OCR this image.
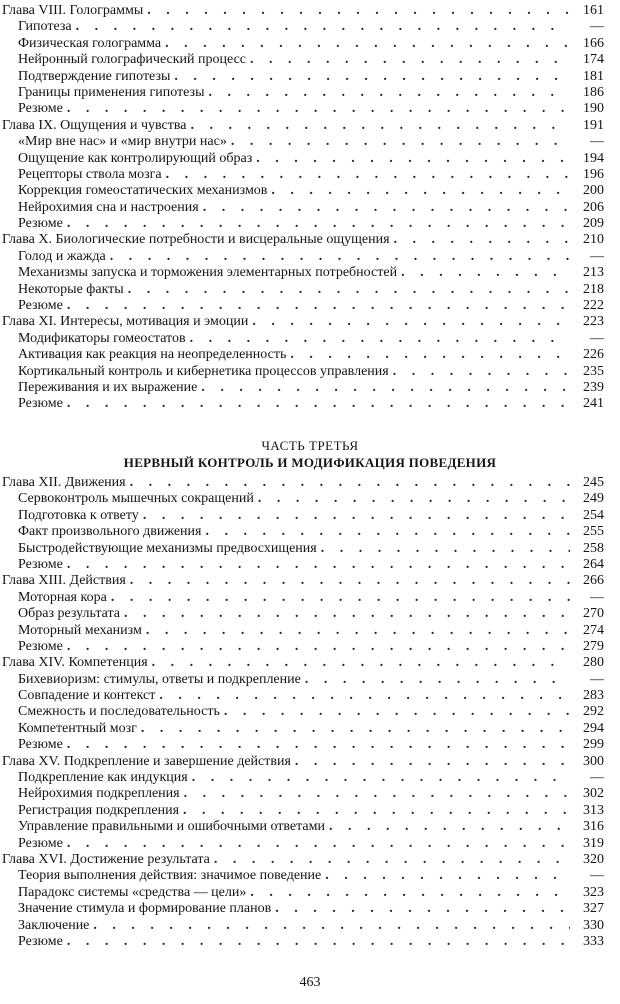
Глава VIII. Голограммы . . .	161
Гипотеза . . .	—
Физическая голограмма . . .	166
Нейронный голографический процесс . . .	174
Подтверждение гипотезы . . .	181
Границы применения гипотезы . . .	186
Резюме . . .	190
Глава IX. Ощущения и чувства . . .	191
«Мир вне нас» и «мир внутри нас» . . .	—
Ощущение как контролирующий образ . . .	194
Рецепторы ствола мозга . . .	196
Коррекция гомеостатических механизмов . . .	200
Нейрохимия сна и настроения . . .	206
Резюме . . .	209
Глава X. Биологические потребности и висцеральные ощущения . . .	210
Голод и жажда . . .	—
Механизмы запуска и торможения элементарных потребностей . . .	213
Некоторые факты . . .	218
Резюме . . .	222
Глава XI. Интересы, мотивация и эмоции . . .	223
Модификаторы гомеостатов . . .	—
Активация как реакция на неопределенность . . .	226
Кортикальный контроль и кибернетика процессов управления . . .	235
Переживания и их выражение . . .	239
Резюме . . .	241
ЧАСТЬ ТРЕТЬЯ
НЕРВНЫЙ КОНТРОЛЬ И МОДИФИКАЦИЯ ПОВЕДЕНИЯ
Глава XII. Движения . . .	245
Сервоконтроль мышечных сокращений . . .	249
Подготовка к ответу . . .	254
Факт произвольного движения . . .	255
Быстродействующие механизмы предвосхищения . . .	258
Резюме . . .	264
Глава XIII. Действия . . .	266
Моторная кора . . .	—
Образ результата . . .	270
Моторный механизм . . .	274
Резюме . . .	279
Глава XIV. Компетенция . . .	280
Бихевиоризм: стимулы, ответы и подкрепление . . .	—
Совпадение и контекст . . .	283
Смежность и последовательность . . .	292
Компетентный мозг . . .	294
Резюме . . .	299
Глава XV. Подкрепление и завершение действия . . .	300
Подкрепление как индукция . . .	—
Нейрохимия подкрепления . . .	302
Регистрация подкрепления . . .	313
Управление правильными и ошибочными ответами . . .	316
Резюме . . .	319
Глава XVI. Достижение результата . . .	320
Теория выполнения действия: значимое поведение . . .	—
Парадокс системы «средства — цели» . . .	323
Значение стимула и формирование планов . . .	327
Заключение . . .	330
Резюме . . .	333
463
